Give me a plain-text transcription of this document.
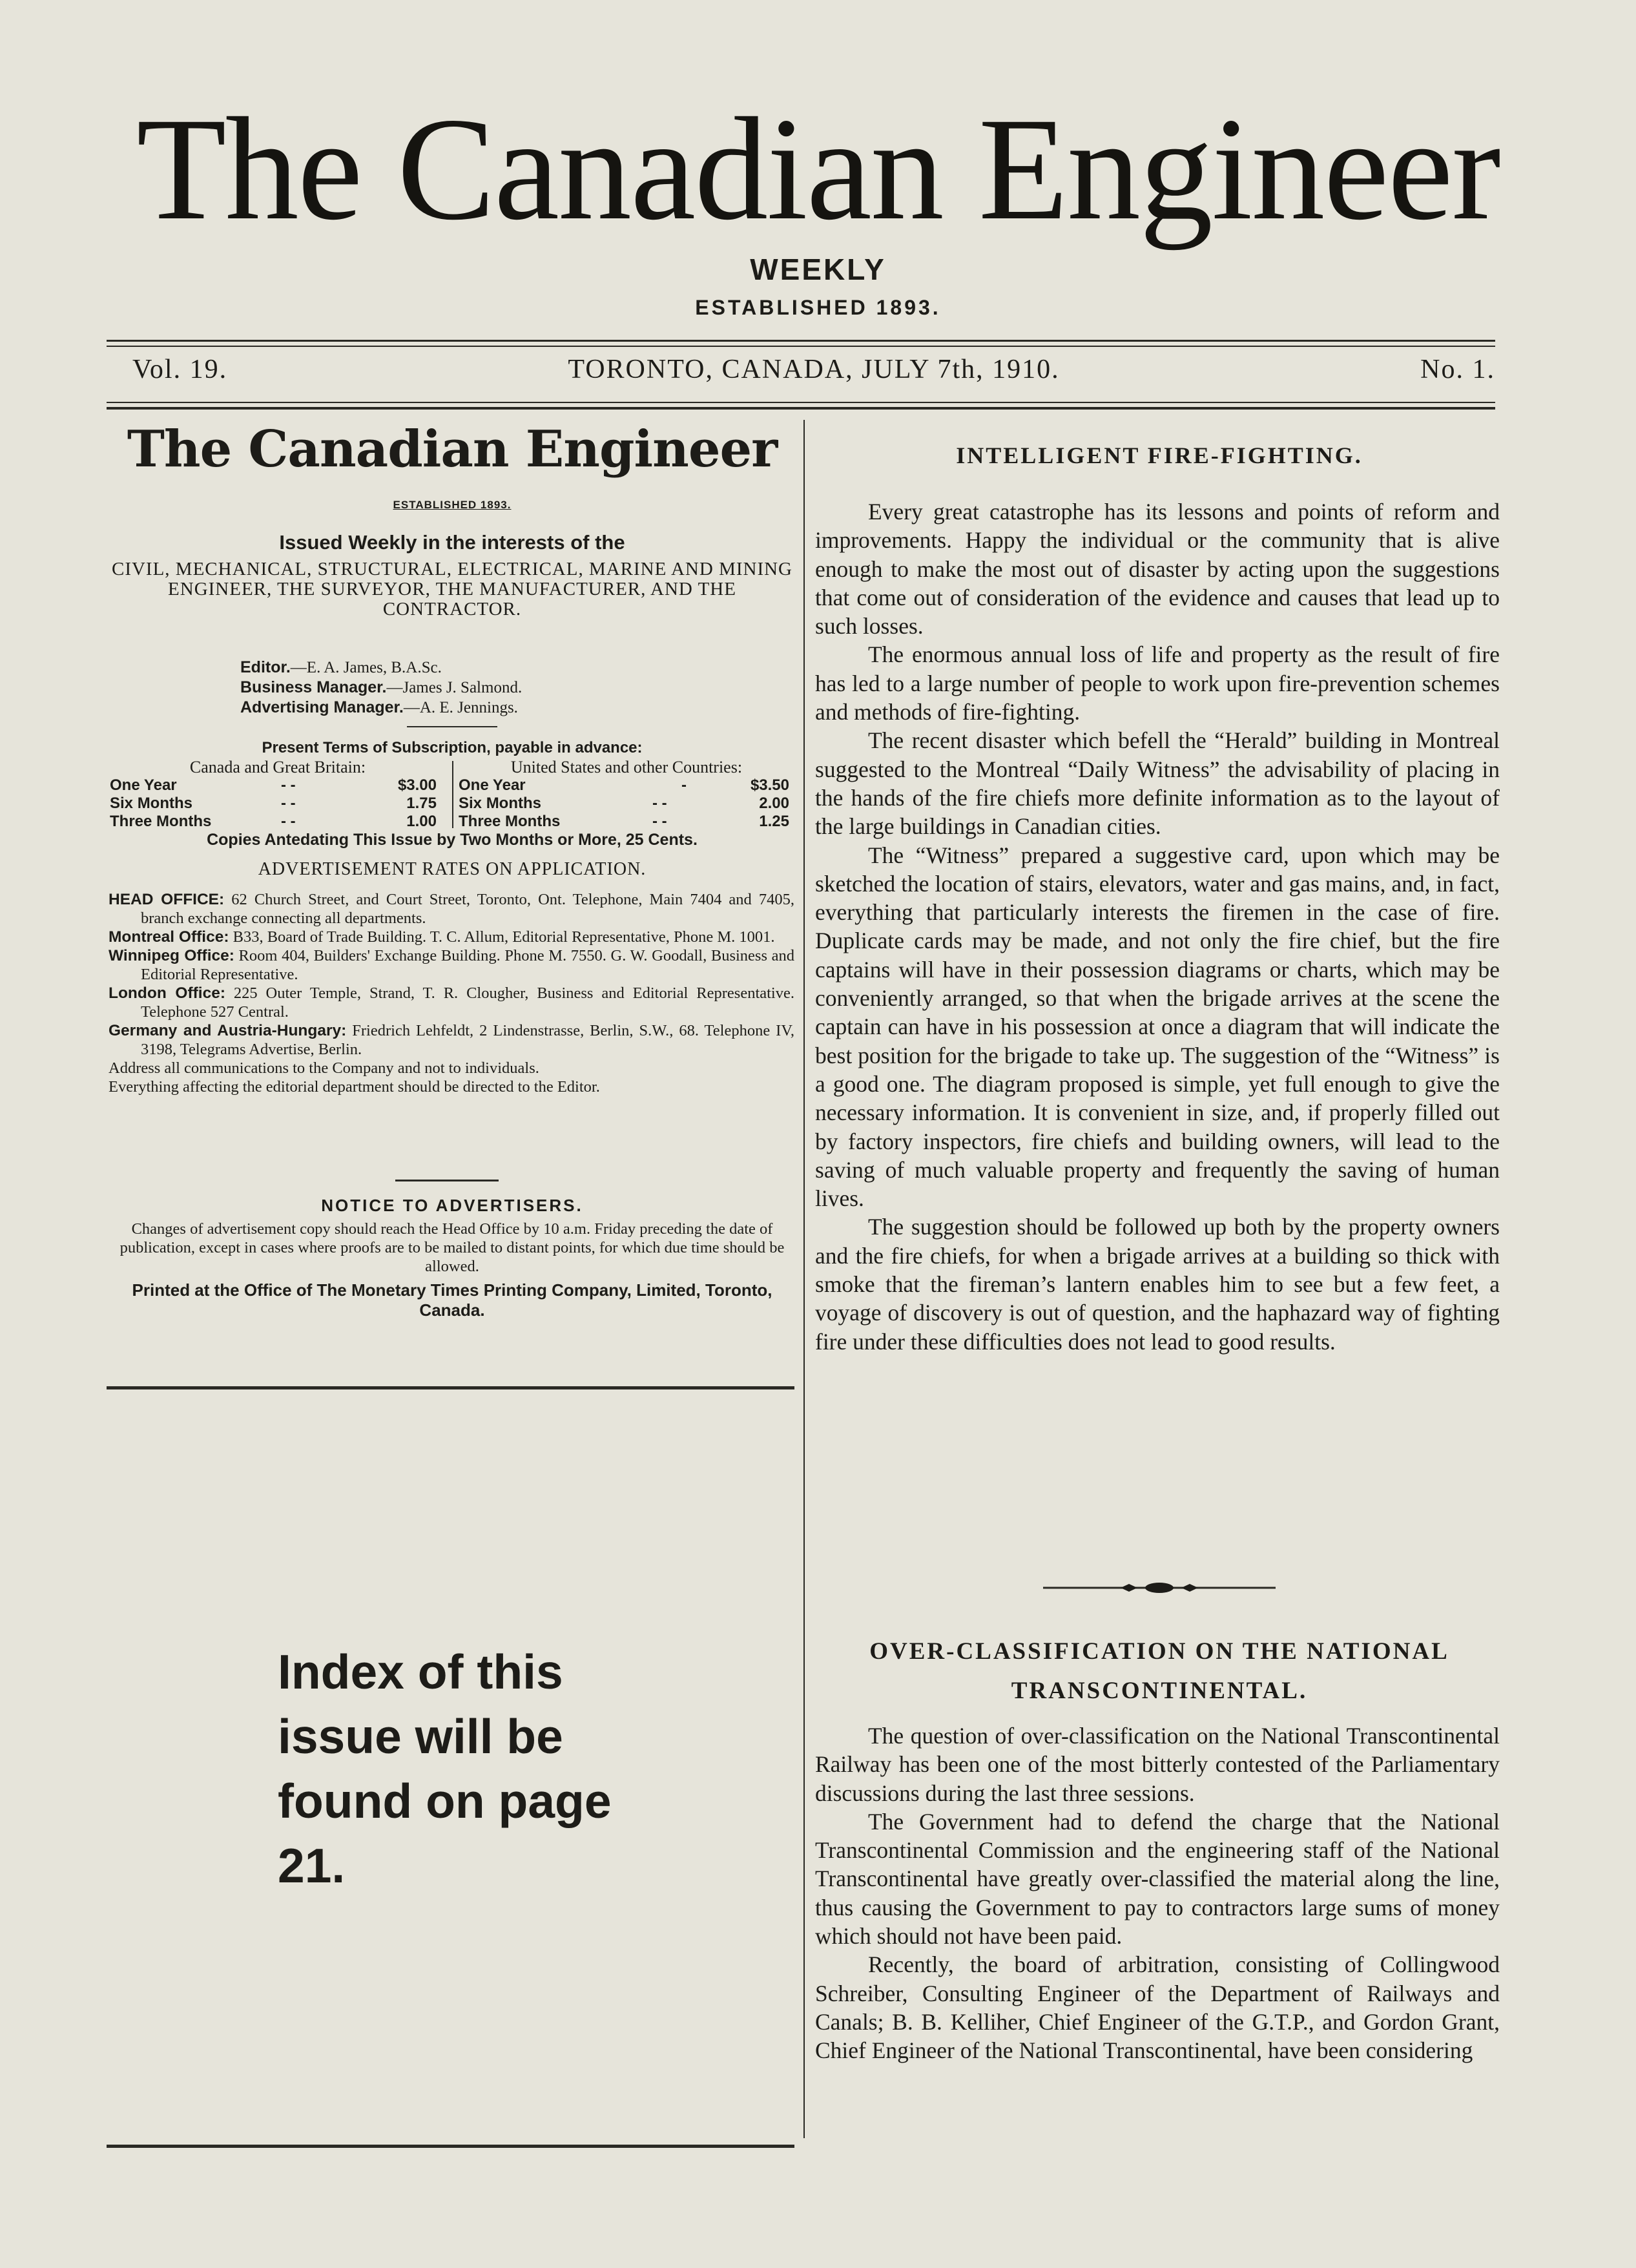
The Canadian Engineer
WEEKLY
ESTABLISHED 1893.
Vol. 19.	TORONTO, CANADA, JULY 7th, 1910.	No. 1.
The Canadian Engineer
ESTABLISHED 1893.
Issued Weekly in the interests of the
CIVIL, MECHANICAL, STRUCTURAL, ELECTRICAL, MARINE AND MINING ENGINEER, THE SURVEYOR, THE MANUFACTURER, AND THE CONTRACTOR.
Editor.—E. A. James, B.A.Sc.
Business Manager.—James J. Salmond.
Advertising Manager.—A. E. Jennings.
Present Terms of Subscription, payable in advance:
Canada and Great Britain:
One Year	- -	$3.00
Six Months	- -	1.75
Three Months	- -	1.00
United States and other Countries:
One Year	-	$3.50
Six Months	- -	2.00
Three Months	- -	1.25
Copies Antedating This Issue by Two Months or More, 25 Cents.
ADVERTISEMENT RATES ON APPLICATION.

HEAD OFFICE: 62 Church Street, and Court Street, Toronto, Ont. Telephone, Main 7404 and 7405, branch exchange connecting all departments.

Montreal Office: B33, Board of Trade Building. T. C. Allum, Editorial Representative, Phone M. 1001.

Winnipeg Office: Room 404, Builders' Exchange Building. Phone M. 7550. G. W. Goodall, Business and Editorial Representative.

London Office: 225 Outer Temple, Strand, T. R. Clougher, Business and Editorial Representative. Telephone 527 Central.

Germany and Austria-Hungary: Friedrich Lehfeldt, 2 Lindenstrasse, Berlin, S.W., 68. Telephone IV, 3198, Telegrams Advertise, Berlin.

Address all communications to the Company and not to individuals.

Everything affecting the editorial department should be directed to the Editor.

NOTICE TO ADVERTISERS.
Changes of advertisement copy should reach the Head Office by 10 a.m. Friday preceding the date of publication, except in cases where proofs are to be mailed to distant points, for which due time should be allowed.
Printed at the Office of The Monetary Times Printing Company, Limited, Toronto, Canada.
Index of this issue will be found on page 21.
INTELLIGENT FIRE-FIGHTING.

Every great catastrophe has its lessons and points of reform and improvements. Happy the individual or the community that is alive enough to make the most out of disaster by acting upon the suggestions that come out of consideration of the evidence and causes that lead up to such losses.

The enormous annual loss of life and property as the result of fire has led to a large number of people to work upon fire-prevention schemes and methods of fire-fighting.

The recent disaster which befell the “Herald” building in Montreal suggested to the Montreal “Daily Witness” the advisability of placing in the hands of the fire chiefs more definite information as to the layout of the large buildings in Canadian cities.

The “Witness” prepared a suggestive card, upon which may be sketched the location of stairs, elevators, water and gas mains, and, in fact, everything that particularly interests the firemen in the case of fire. Duplicate cards may be made, and not only the fire chief, but the fire captains will have in their possession diagrams or charts, which may be conveniently arranged, so that when the brigade arrives at the scene the captain can have in his possession at once a diagram that will indicate the best position for the brigade to take up. The suggestion of the “Witness” is a good one. The diagram proposed is simple, yet full enough to give the necessary information. It is convenient in size, and, if properly filled out by factory inspectors, fire chiefs and building owners, will lead to the saving of much valuable property and frequently the saving of human lives.

The suggestion should be followed up both by the property owners and the fire chiefs, for when a brigade arrives at a building so thick with smoke that the fireman’s lantern enables him to see but a few feet, a voyage of discovery is out of question, and the haphazard way of fighting fire under these difficulties does not lead to good results.

OVER-CLASSIFICATION ON THE NATIONAL
TRANSCONTINENTAL.

The question of over-classification on the National Transcontinental Railway has been one of the most bitterly contested of the Parliamentary discussions during the last three sessions.

The Government had to defend the charge that the National Transcontinental Commission and the engineering staff of the National Transcontinental have greatly over-classified the material along the line, thus causing the Government to pay to contractors large sums of money which should not have been paid.

Recently, the board of arbitration, consisting of Collingwood Schreiber, Consulting Engineer of the Department of Railways and Canals; B. B. Kelliher, Chief Engineer of the G.T.P., and Gordon Grant, Chief Engineer of the National Transcontinental, have been considering
